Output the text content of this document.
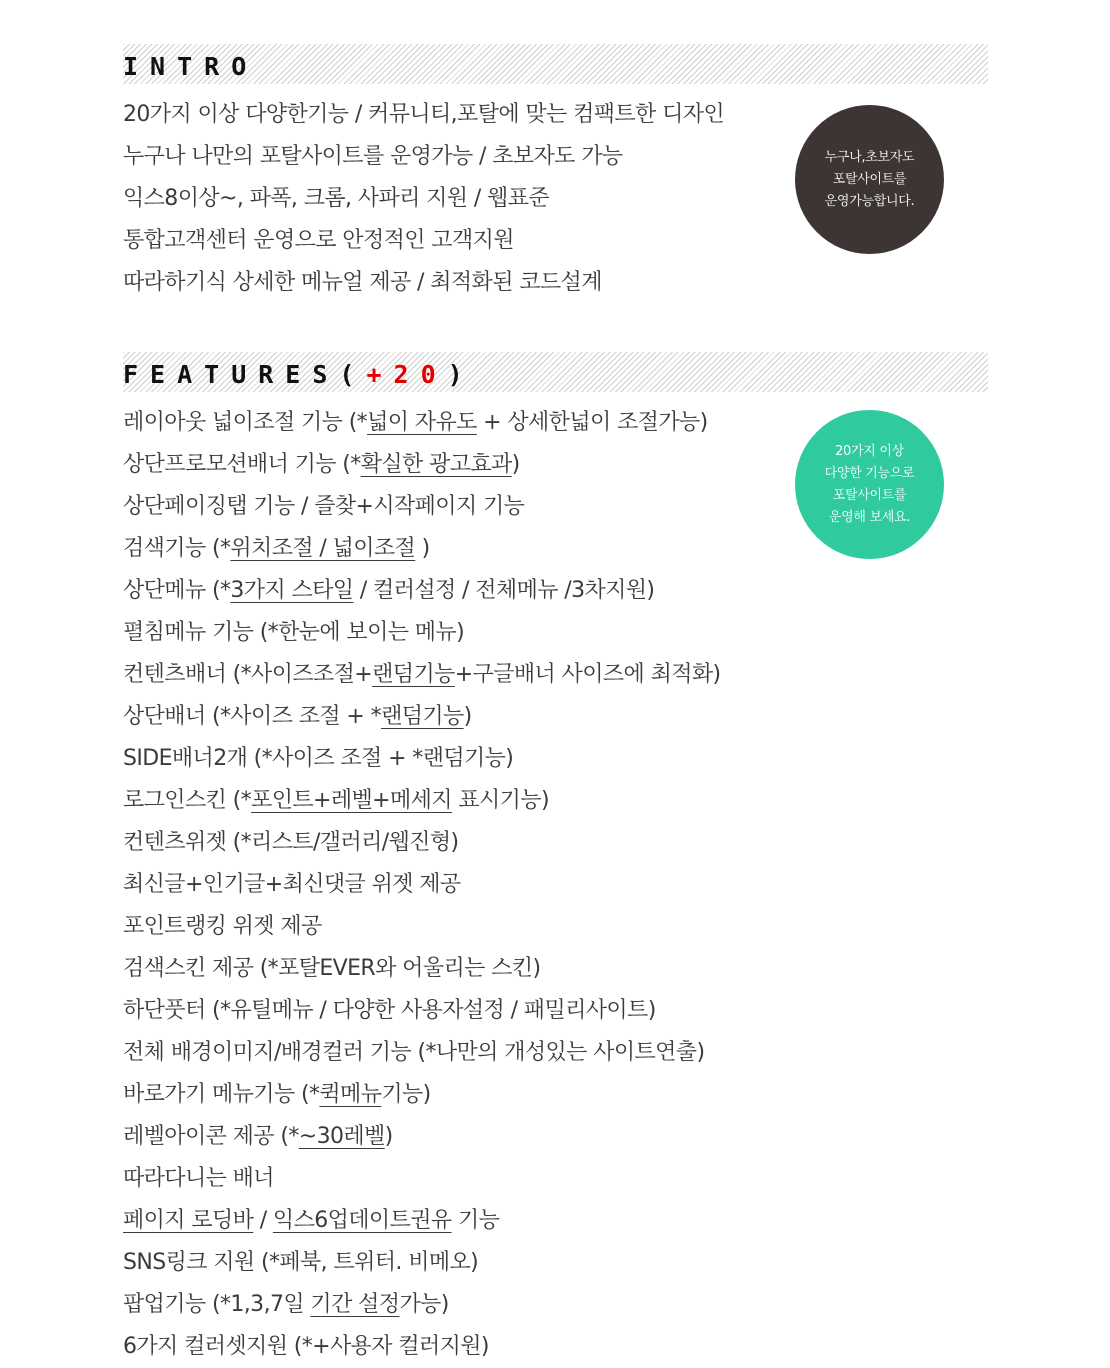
INTRO
20가지 이상 다양한기능 / 커뮤니티,포탈에 맞는 컴팩트한 디자인
누구나 나만의 포탈사이트를 운영가능 / 초보자도 가능
익스8이상~, 파폭, 크롬, 사파리 지원 / 웹표준
통합고객센터 운영으로 안정적인 고객지원
따라하기식 상세한 메뉴얼 제공 / 최적화된 코드설계
누구나,초보자도
포탈사이트를
운영가능합니다.
FEATURES(+20)
레이아웃 넓이조절 기능 (*넓이 자유도 + 상세한넓이 조절가능)
상단프로모션배너 기능 (*확실한 광고효과)
상단페이징탭 기능 / 즐찾+시작페이지 기능
검색기능 (*위치조절 / 넓이조절 )
상단메뉴 (*3가지 스타일 / 컬러설정 / 전체메뉴 /3차지원)
펼침메뉴 기능 (*한눈에 보이는 메뉴)
컨텐츠배너 (*사이즈조절+랜덤기능+구글배너 사이즈에 최적화)
상단배너 (*사이즈 조절 + *랜덤기능)
SIDE배너2개 (*사이즈 조절 + *랜덤기능)
로그인스킨 (*포인트+레벨+메세지 표시기능)
컨텐츠위젯 (*리스트/갤러리/웹진형)
최신글+인기글+최신댓글 위젯 제공
포인트랭킹 위젯 제공
검색스킨 제공 (*포탈EVER와 어울리는 스킨)
하단풋터 (*유틸메뉴 / 다양한 사용자설정 / 패밀리사이트)
전체 배경이미지/배경컬러 기능 (*나만의 개성있는 사이트연출)
바로가기 메뉴기능 (*퀵메뉴기능)
레벨아이콘 제공 (*~30레벨)
따라다니는 배너
페이지 로딩바 / 익스6업데이트권유 기능
SNS링크 지원 (*페북, 트위터. 비메오)
팝업기능 (*1,3,7일 기간 설정가능)
6가지 컬러셋지원 (*+사용자 컬러지원)
20가지 이상
다양한 기능으로
포탈사이트를
운영해 보세요.
